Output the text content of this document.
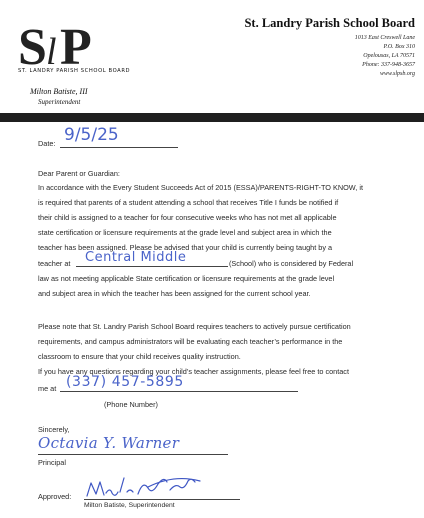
S l P
ST. LANDRY PARISH SCHOOL BOARD
Milton Batiste, III
Superintendent
St. Landry Parish School Board
1013 East Creswell Lane
P.O. Box 310
Opelousas, LA 70571
Phone: 337-948-3657
www.slpsb.org
Date: 9/5/25
Dear Parent or Guardian:
In accordance with the Every Student Succeeds Act of 2015 (ESSA)/PARENTS-RIGHT-TO KNOW, it
is required that parents of a student attending a school that receives Title I funds be notified if
their child is assigned to a teacher for four consecutive weeks who has not met all applicable
state certification or licensure requirements at the grade level and subject area in which the
teacher has been assigned. Please be advised that your child is currently being taught by a
teacher at Central Middle	(School) who is considered by Federal
law as not meeting applicable State certification or licensure requirements at the grade level
and subject area in which the teacher has been assigned for the current school year.
Please note that St. Landry Parish School Board requires teachers to actively pursue certification
requirements, and campus administrators will be evaluating each teacher’s performance in the
classroom to ensure that your child receives quality instruction.
If you have any questions regarding your child’s teacher assignments, please feel free to contact
me at (337) 457-5895
(Phone Number)
Sincerely,
Octavia Y. Warner
Principal
Approved:
Milton Batiste, Superintendent
